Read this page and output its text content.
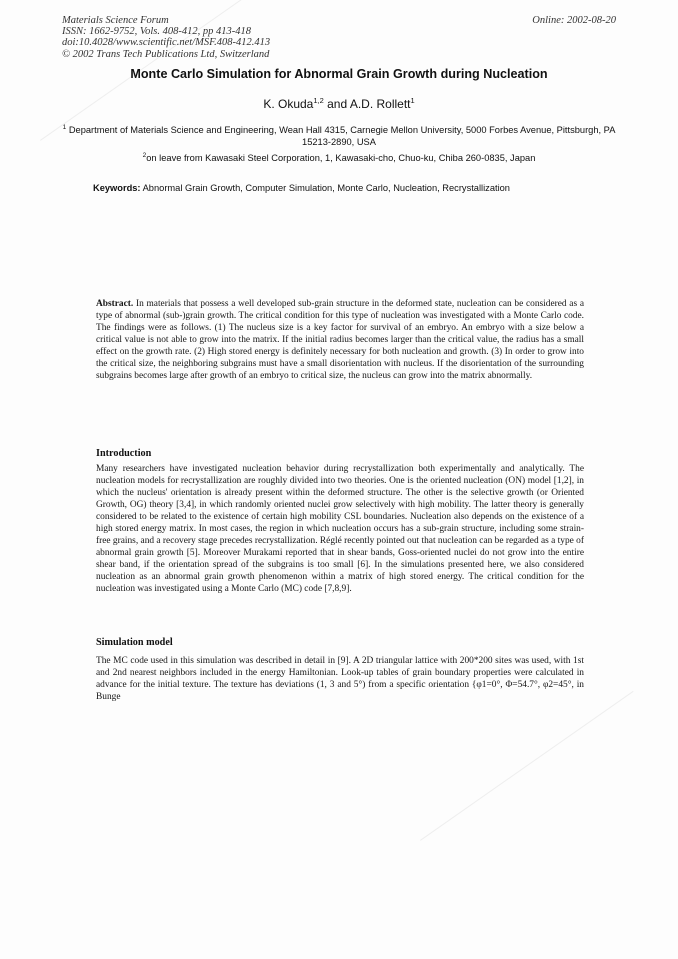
Materials Science Forum
ISSN: 1662-9752, Vols. 408-412, pp 413-418
doi:10.4028/www.scientific.net/MSF.408-412.413
© 2002 Trans Tech Publications Ltd, Switzerland
Online: 2002-08-20
Monte Carlo Simulation for Abnormal Grain Growth during Nucleation
K. Okuda$^{1,2}$ and A.D. Rollett$^1$
$^1$ Department of Materials Science and Engineering, Wean Hall 4315, Carnegie Mellon University, 5000 Forbes Avenue, Pittsburgh, PA 15213-2890, USA
$^2$on leave from Kawasaki Steel Corporation, 1, Kawasaki-cho, Chuo-ku, Chiba 260-0835, Japan
Keywords: Abnormal Grain Growth, Computer Simulation, Monte Carlo, Nucleation, Recrystallization
Abstract. In materials that possess a well developed sub-grain structure in the deformed state, nucleation can be considered as a type of abnormal (sub-)grain growth. The critical condition for this type of nucleation was investigated with a Monte Carlo code. The findings were as follows. (1) The nucleus size is a key factor for survival of an embryo. An embryo with a size below a critical value is not able to grow into the matrix. If the initial radius becomes larger than the critical value, the radius has a small effect on the growth rate. (2) High stored energy is definitely necessary for both nucleation and growth. (3) In order to grow into the critical size, the neighboring subgrains must have a small disorientation with nucleus. If the disorientation of the surrounding subgrains becomes large after growth of an embryo to critical size, the nucleus can grow into the matrix abnormally.
Introduction
Many researchers have investigated nucleation behavior during recrystallization both experimentally and analytically. The nucleation models for recrystallization are roughly divided into two theories. One is the oriented nucleation (ON) model [1,2], in which the nucleus' orientation is already present within the deformed structure. The other is the selective growth (or Oriented Growth, OG) theory [3,4], in which randomly oriented nuclei grow selectively with high mobility. The latter theory is generally considered to be related to the existence of certain high mobility CSL boundaries. Nucleation also depends on the existence of a high stored energy matrix. In most cases, the region in which nucleation occurs has a sub-grain structure, including some strain-free grains, and a recovery stage precedes recrystallization. Réglé recently pointed out that nucleation can be regarded as a type of abnormal grain growth [5]. Moreover Murakami reported that in shear bands, Goss-oriented nuclei do not grow into the entire shear band, if the orientation spread of the subgrains is too small [6]. In the simulations presented here, we also considered nucleation as an abnormal grain growth phenomenon within a matrix of high stored energy. The critical condition for the nucleation was investigated using a Monte Carlo (MC) code [7,8,9].
Simulation model
The MC code used in this simulation was described in detail in [9]. A 2D triangular lattice with 200*200 sites was used, with 1st and 2nd nearest neighbors included in the energy Hamiltonian. Look-up tables of grain boundary properties were calculated in advance for the initial texture. The texture has deviations (1, 3 and 5°) from a specific orientation {φ1=0°, Φ=54.7°, φ2=45°, in Bunge
